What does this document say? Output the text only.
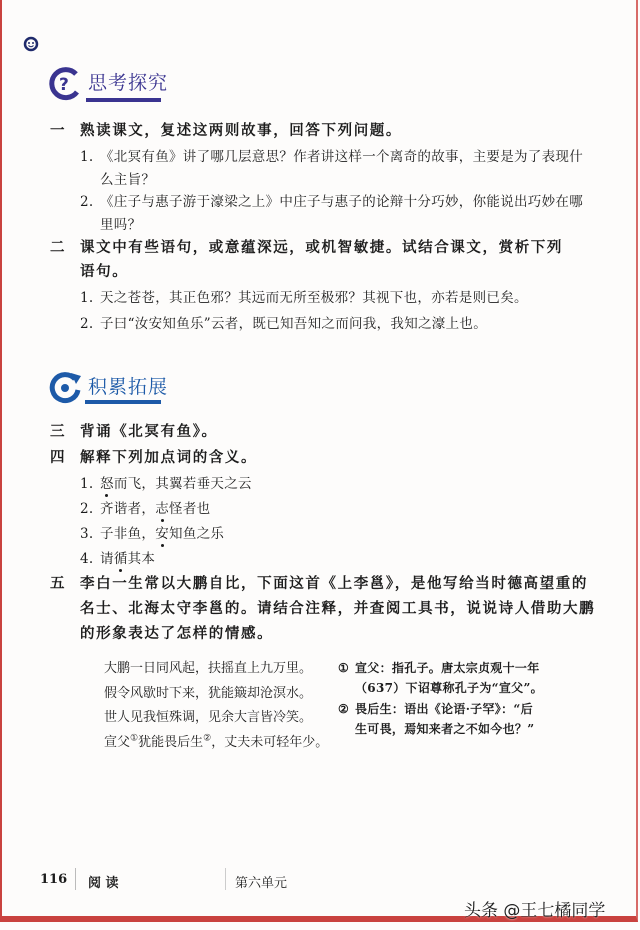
? 思考探究
一 熟读课文，复述这两则故事，回答下列问题。
1. 《北冥有鱼》讲了哪几层意思？作者讲这样一个离奇的故事，主要是为了表现什
么主旨？
2. 《庄子与惠子游于濠梁之上》中庄子与惠子的论辩十分巧妙，你能说出巧妙在哪
里吗？
二 课文中有些语句，或意蕴深远，或机智敏捷。试结合课文，赏析下列
语句。
1. 天之苍苍，其正色邪？其远而无所至极邪？其视下也，亦若是则已矣。
2. 子曰“汝安知鱼乐”云者，既已知吾知之而问我，我知之濠上也。
积累拓展
三 背诵《北冥有鱼》。
四 解释下列加点词的含义。
1. 怒而飞，其翼若垂天之云
2. 齐谐者，志怪者也
3. 子非鱼，安知鱼之乐
4. 请循其本
五 李白一生常以大鹏自比，下面这首《上李邕》，是他写给当时德高望重的
名士、北海太守李邕的。请结合注释，并查阅工具书，说说诗人借助大鹏
的形象表达了怎样的情感。
大鹏一日同风起，扶摇直上九万里。
假令风歇时下来，犹能簸却沧溟水。
世人见我恒殊调，见余大言皆冷笑。
宣父①犹能畏后生②，丈夫未可轻年少。
① 宣父：指孔子。唐太宗贞观十一年
（637）下诏尊称孔子为“宣父”。
② 畏后生：语出《论语·子罕》：“后
生可畏，焉知来者之不如今也？”
116 阅 读	第六单元
头条 @王七橘同学
